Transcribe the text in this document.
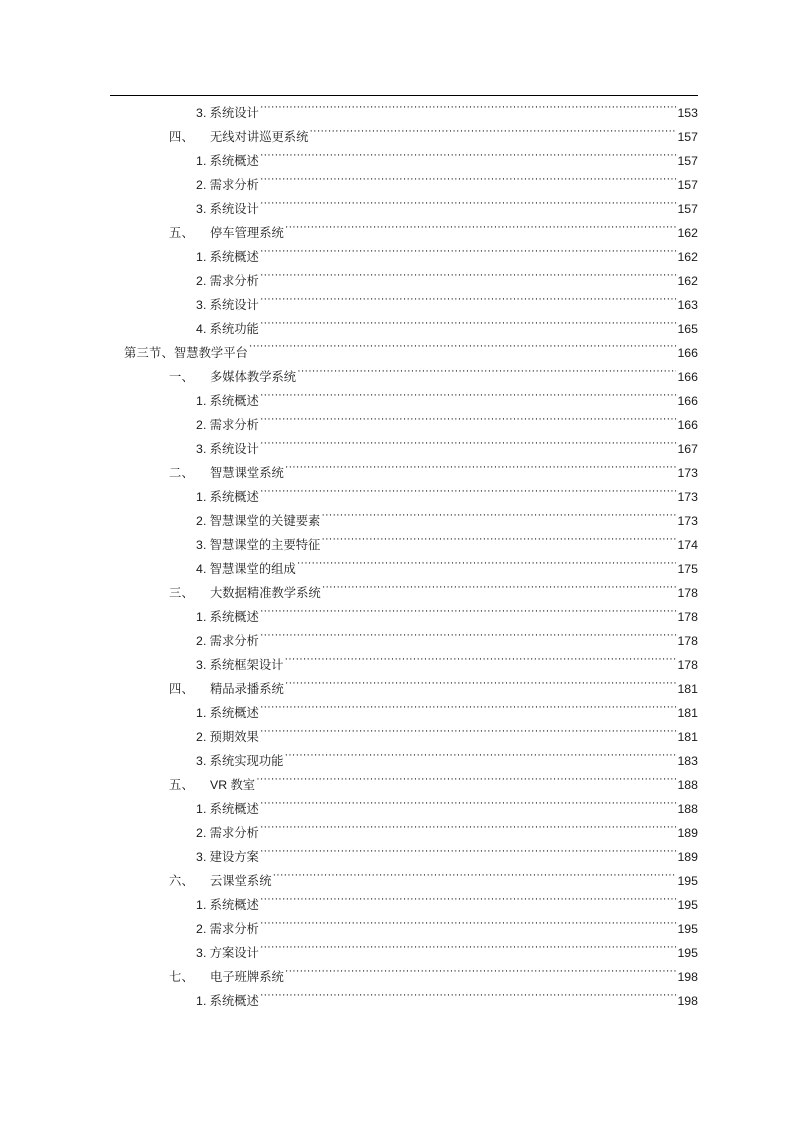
3. 系统设计 ·····	153
四、	无线对讲巡更系统 ·····	157
1. 系统概述 ·····	157
2. 需求分析 ·····	157
3. 系统设计 ·····	157
五、	停车管理系统 ·····	162
1. 系统概述 ·····	162
2. 需求分析 ·····	162
3. 系统设计 ·····	163
4. 系统功能 ·····	165
第三节、 智慧教学平台 ·····	166
一、	多媒体教学系统 ·····	166
1. 系统概述 ·····	166
2. 需求分析 ·····	166
3. 系统设计 ·····	167
二、	智慧课堂系统 ·····	173
1. 系统概述 ·····	173
2. 智慧课堂的关键要素 ·····	173
3. 智慧课堂的主要特征 ·····	174
4. 智慧课堂的组成 ·····	175
三、	大数据精准教学系统 ·····	178
1. 系统概述 ·····	178
2. 需求分析 ·····	178
3. 系统框架设计 ·····	178
四、	精品录播系统 ·····	181
1. 系统概述 ·····	181
2. 预期效果 ·····	181
3. 系统实现功能 ·····	183
五、	VR 教室 ·····	188
1. 系统概述 ·····	188
2. 需求分析 ·····	189
3. 建设方案 ·····	189
六、	云课堂系统 ·····	195
1. 系统概述 ·····	195
2. 需求分析 ·····	195
3. 方案设计 ·····	195
七、	电子班牌系统 ·····	198
1. 系统概述 ·····	198
